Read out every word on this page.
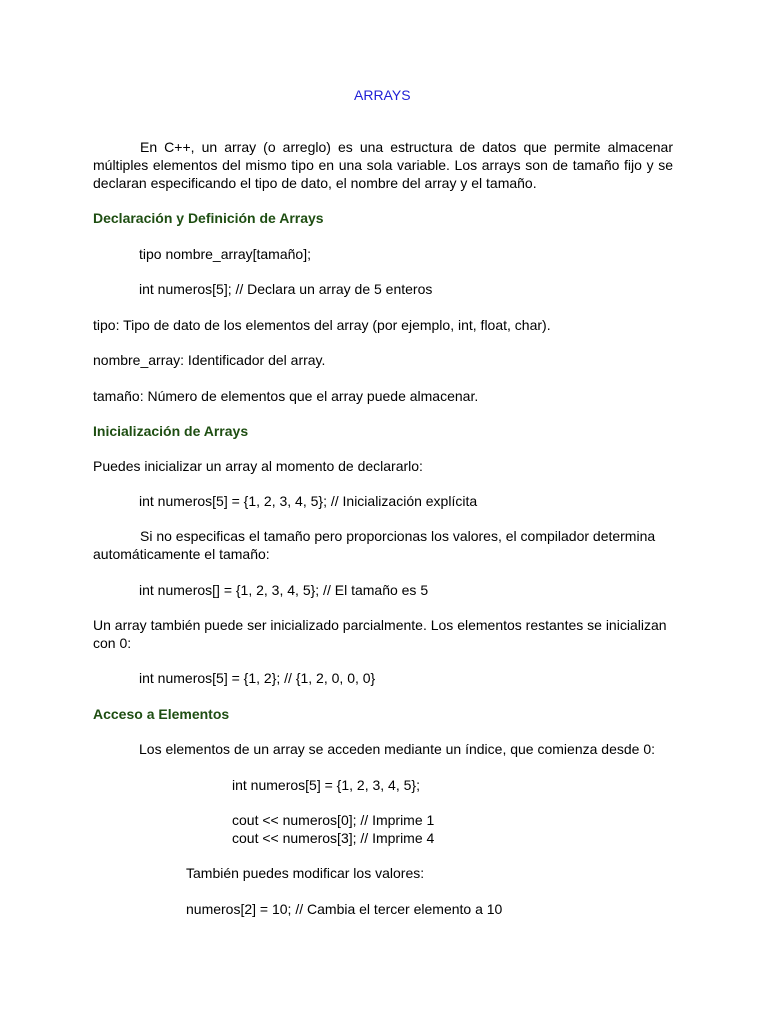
ARRAYS
En C++, un array (o arreglo) es una estructura de datos que permite almacenar múltiples elementos del mismo tipo en una sola variable. Los arrays son de tamaño fijo y se declaran especificando el tipo de dato, el nombre del array y el tamaño.
Declaración y Definición de Arrays
tipo nombre_array[tamaño];
int numeros[5]; // Declara un array de 5 enteros
tipo: Tipo de dato de los elementos del array (por ejemplo, int, float, char).
nombre_array: Identificador del array.
tamaño: Número de elementos que el array puede almacenar.
Inicialización de Arrays
Puedes inicializar un array al momento de declararlo:
int numeros[5] = {1, 2, 3, 4, 5}; // Inicialización explícita
Si no especificas el tamaño pero proporcionas los valores, el compilador determina automáticamente el tamaño:
int numeros[] = {1, 2, 3, 4, 5}; // El tamaño es 5
Un array también puede ser inicializado parcialmente. Los elementos restantes se inicializan con 0:
int numeros[5] = {1, 2}; // {1, 2, 0, 0, 0}
Acceso a Elementos
Los elementos de un array se acceden mediante un índice, que comienza desde 0:
int numeros[5] = {1, 2, 3, 4, 5};
cout << numeros[0]; // Imprime 1
cout << numeros[3]; // Imprime 4
También puedes modificar los valores:
numeros[2] = 10; // Cambia el tercer elemento a 10
